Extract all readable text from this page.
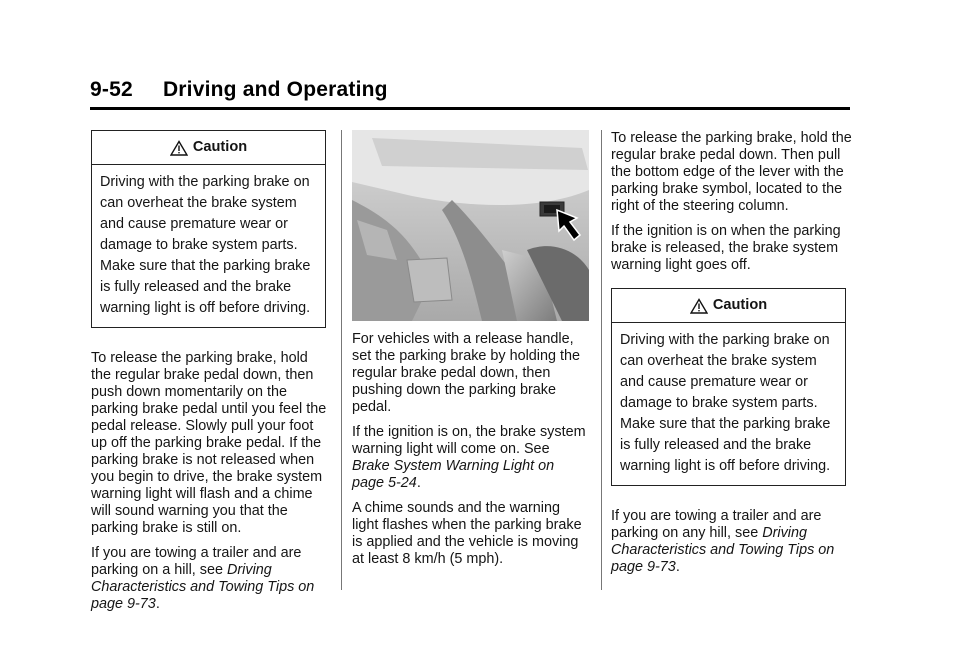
9-52 Driving and Operating
Caution
Driving with the parking brake on can overheat the brake system and cause premature wear or damage to brake system parts. Make sure that the parking brake is fully released and the brake warning light is off before driving.

To release the parking brake, hold the regular brake pedal down, then push down momentarily on the parking brake pedal until you feel the pedal release. Slowly pull your foot up off the parking brake pedal. If the parking brake is not released when you begin to drive, the brake system warning light will flash and a chime will sound warning you that the parking brake is still on.

If you are towing a trailer and are parking on a hill, see Driving Characteristics and Towing Tips on page 9-73.

For vehicles with a release handle, set the parking brake by holding the regular brake pedal down, then pushing down the parking brake pedal.

If the ignition is on, the brake system warning light will come on. See Brake System Warning Light on page 5-24.

A chime sounds and the warning light flashes when the parking brake is applied and the vehicle is moving at least 8 km/h (5 mph).

To release the parking brake, hold the regular brake pedal down. Then pull the bottom edge of the lever with the parking brake symbol, located to the right of the steering column.

If the ignition is on when the parking brake is released, the brake system warning light goes off.

Caution
Driving with the parking brake on can overheat the brake system and cause premature wear or damage to brake system parts. Make sure that the parking brake is fully released and the brake warning light is off before driving.

If you are towing a trailer and are parking on any hill, see Driving Characteristics and Towing Tips on page 9-73.
